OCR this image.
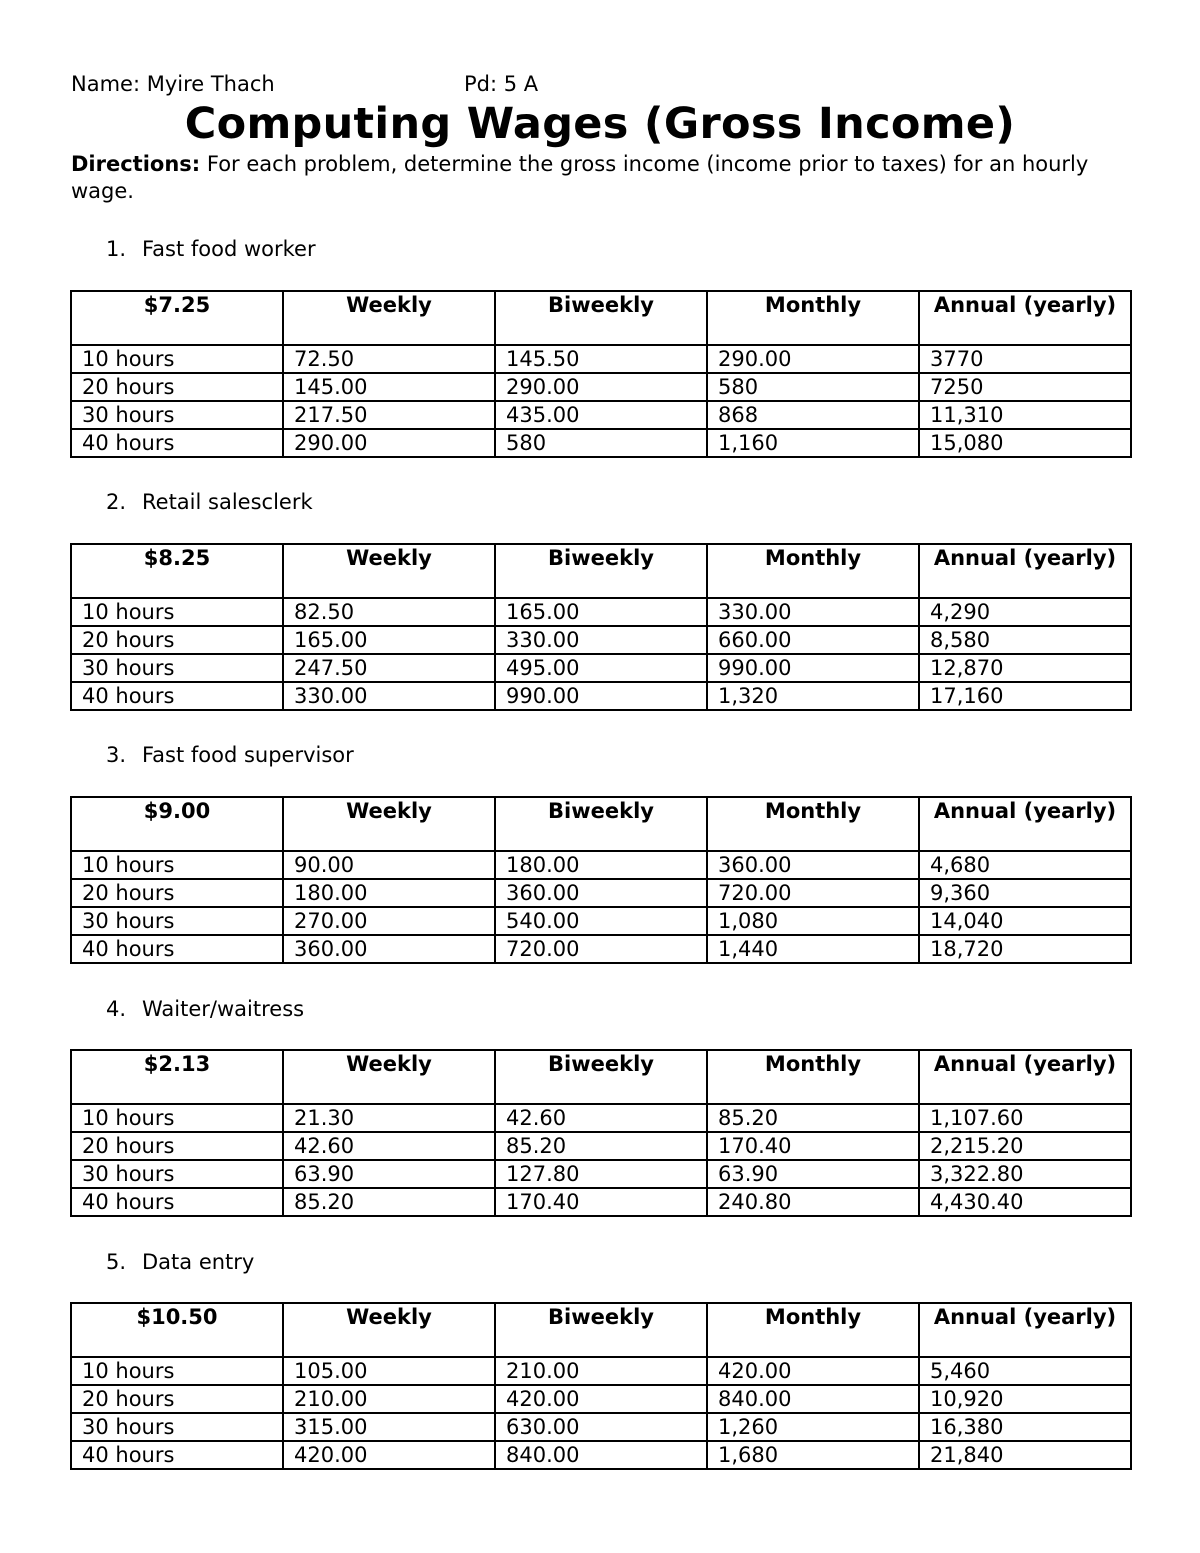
Name: Myire Thach	Pd: 5 A
Computing Wages (Gross Income)

Directions: For each problem, determine the gross income (income prior to taxes) for an hourly wage.

1. Fast food worker
$7.25	Weekly	Biweekly	Monthly	Annual (yearly)
10 hours	72.50	145.50	290.00	3770
20 hours	145.00	290.00	580	7250
30 hours	217.50	435.00	868	11,310
40 hours	290.00	580	1,160	15,080
2. Retail salesclerk
$8.25	Weekly	Biweekly	Monthly	Annual (yearly)
10 hours	82.50	165.00	330.00	4,290
20 hours	165.00	330.00	660.00	8,580
30 hours	247.50	495.00	990.00	12,870
40 hours	330.00	990.00	1,320	17,160
3. Fast food supervisor
$9.00	Weekly	Biweekly	Monthly	Annual (yearly)
10 hours	90.00	180.00	360.00	4,680
20 hours	180.00	360.00	720.00	9,360
30 hours	270.00	540.00	1,080	14,040
40 hours	360.00	720.00	1,440	18,720
4. Waiter/waitress
$2.13	Weekly	Biweekly	Monthly	Annual (yearly)
10 hours	21.30	42.60	85.20	1,107.60
20 hours	42.60	85.20	170.40	2,215.20
30 hours	63.90	127.80	63.90	3,322.80
40 hours	85.20	170.40	240.80	4,430.40
5. Data entry
$10.50	Weekly	Biweekly	Monthly	Annual (yearly)
10 hours	105.00	210.00	420.00	5,460
20 hours	210.00	420.00	840.00	10,920
30 hours	315.00	630.00	1,260	16,380
40 hours	420.00	840.00	1,680	21,840
